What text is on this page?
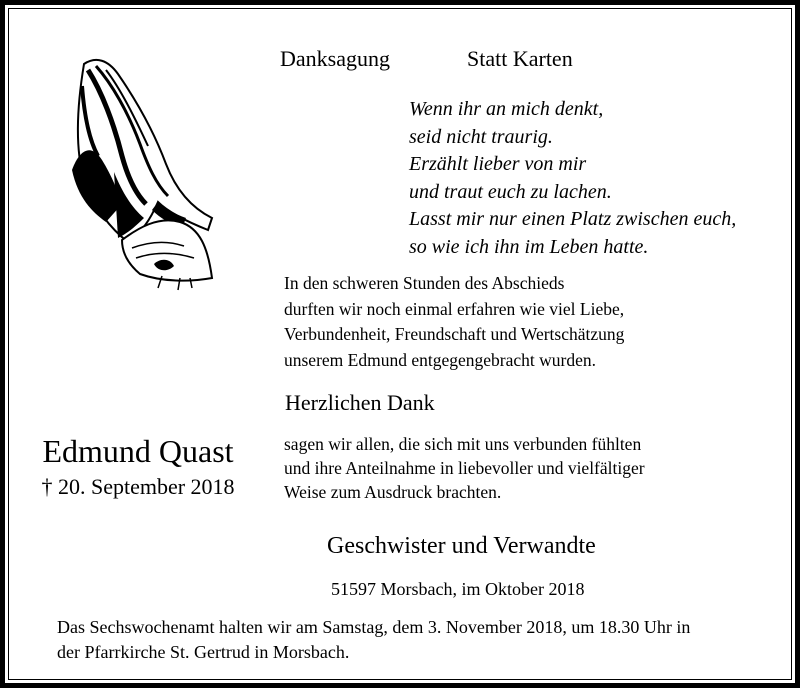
Danksagung	Statt Karten
Wenn ihr an mich denkt,
seid nicht traurig.
Erzählt lieber von mir
und traut euch zu lachen.
Lasst mir nur einen Platz zwischen euch,
so wie ich ihn im Leben hatte.
In den schweren Stunden des Abschieds
durften wir noch einmal erfahren wie viel Liebe,
Verbundenheit, Freundschaft und Wertschätzung
unserem Edmund entgegengebracht wurden.
Herzlichen Dank
sagen wir allen, die sich mit uns verbunden fühlten
und ihre Anteilnahme in liebevoller und vielfältiger
Weise zum Ausdruck brachten.
Edmund Quast
† 20. September 2018
Geschwister und Verwandte
51597 Morsbach, im Oktober 2018
Das Sechswochenamt halten wir am Samstag, dem 3. November 2018, um 18.30 Uhr in
der Pfarrkirche St. Gertrud in Morsbach.
